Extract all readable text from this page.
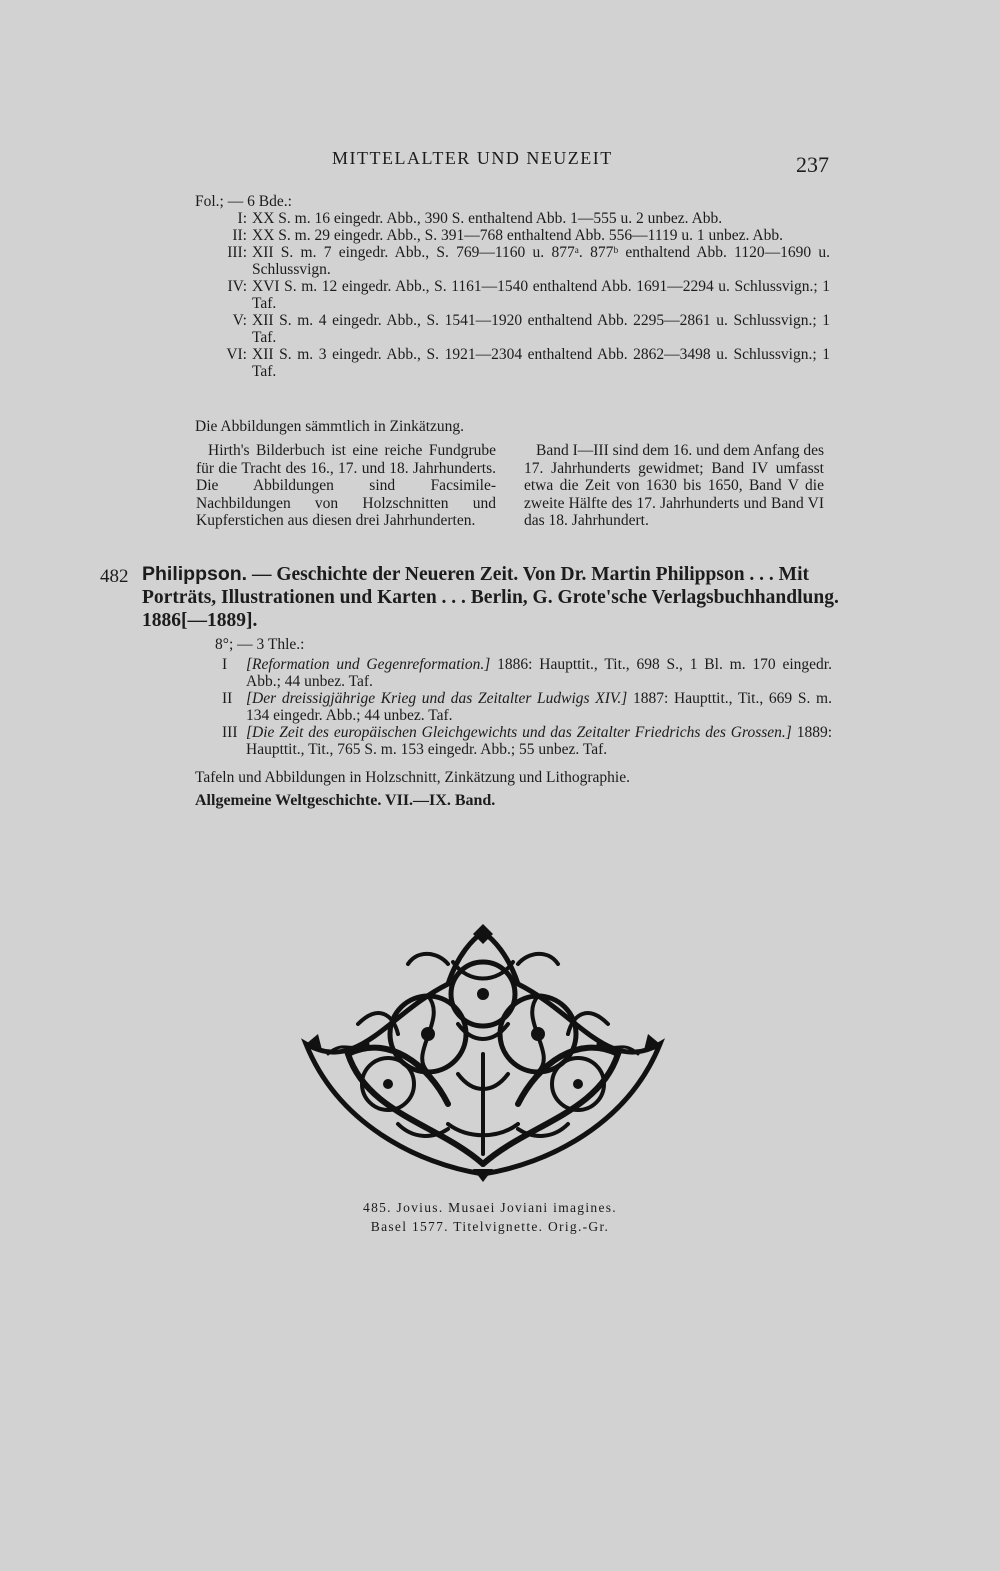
MITTELALTER UND NEUZEIT	237
Fol.; — 6 Bde.:
I: XX S. m. 16 eingedr. Abb., 390 S. enthaltend Abb. 1—555 u. 2 unbez. Abb.
II: XX S. m. 29 eingedr. Abb., S. 391—768 enthaltend Abb. 556—1119 u. 1 unbez. Abb.
III: XII S. m. 7 eingedr. Abb., S. 769—1160 u. 877ᵃ. 877ᵇ enthaltend Abb. 1120—1690 u. Schlussvign.
IV: XVI S. m. 12 eingedr. Abb., S. 1161—1540 enthaltend Abb. 1691—2294 u. Schlussvign.; 1 Taf.
V: XII S. m. 4 eingedr. Abb., S. 1541—1920 enthaltend Abb. 2295—2861 u. Schlussvign.; 1 Taf.
VI: XII S. m. 3 eingedr. Abb., S. 1921—2304 enthaltend Abb. 2862—3498 u. Schlussvign.; 1 Taf.
Die Abbildungen sämmtlich in Zinkätzung.
Hirth's Bilderbuch ist eine reiche Fundgrube für die Tracht des 16., 17. und 18. Jahrhunderts. Die Abbildungen sind Facsimile-Nachbildungen von Holzschnitten und Kupferstichen aus diesen drei Jahrhunderten.
Band I—III sind dem 16. und dem Anfang des 17. Jahrhunderts gewidmet; Band IV umfasst etwa die Zeit von 1630 bis 1650, Band V die zweite Hälfte des 17. Jahrhunderts und Band VI das 18. Jahrhundert.
482 Philippson. — Geschichte der Neueren Zeit. Von Dr. Martin Philippson . . . Mit Porträts, Illustrationen und Karten . . . Berlin, G. Grote'sche Verlagsbuchhandlung. 1886[—1889].
8°; — 3 Thle.:
I	[Reformation und Gegenreformation.] 1886: Haupttit., Tit., 698 S., 1 Bl. m. 170 eingedr. Abb.; 44 unbez. Taf.
II [Der dreissigjährige Krieg und das Zeitalter Ludwigs XIV.] 1887: Haupttit., Tit., 669 S. m. 134 eingedr. Abb.; 44 unbez. Taf.
III [Die Zeit des europäischen Gleichgewichts und das Zeitalter Friedrichs des Grossen.] 1889: Haupttit., Tit., 765 S. m. 153 eingedr. Abb.; 55 unbez. Taf.
Tafeln und Abbildungen in Holzschnitt, Zinkätzung und Lithographie.
Allgemeine Weltgeschichte. VII.—IX. Band.
485. Jovius. Musaei Joviani imagines.
Basel 1577. Titelvignette. Orig.-Gr.
